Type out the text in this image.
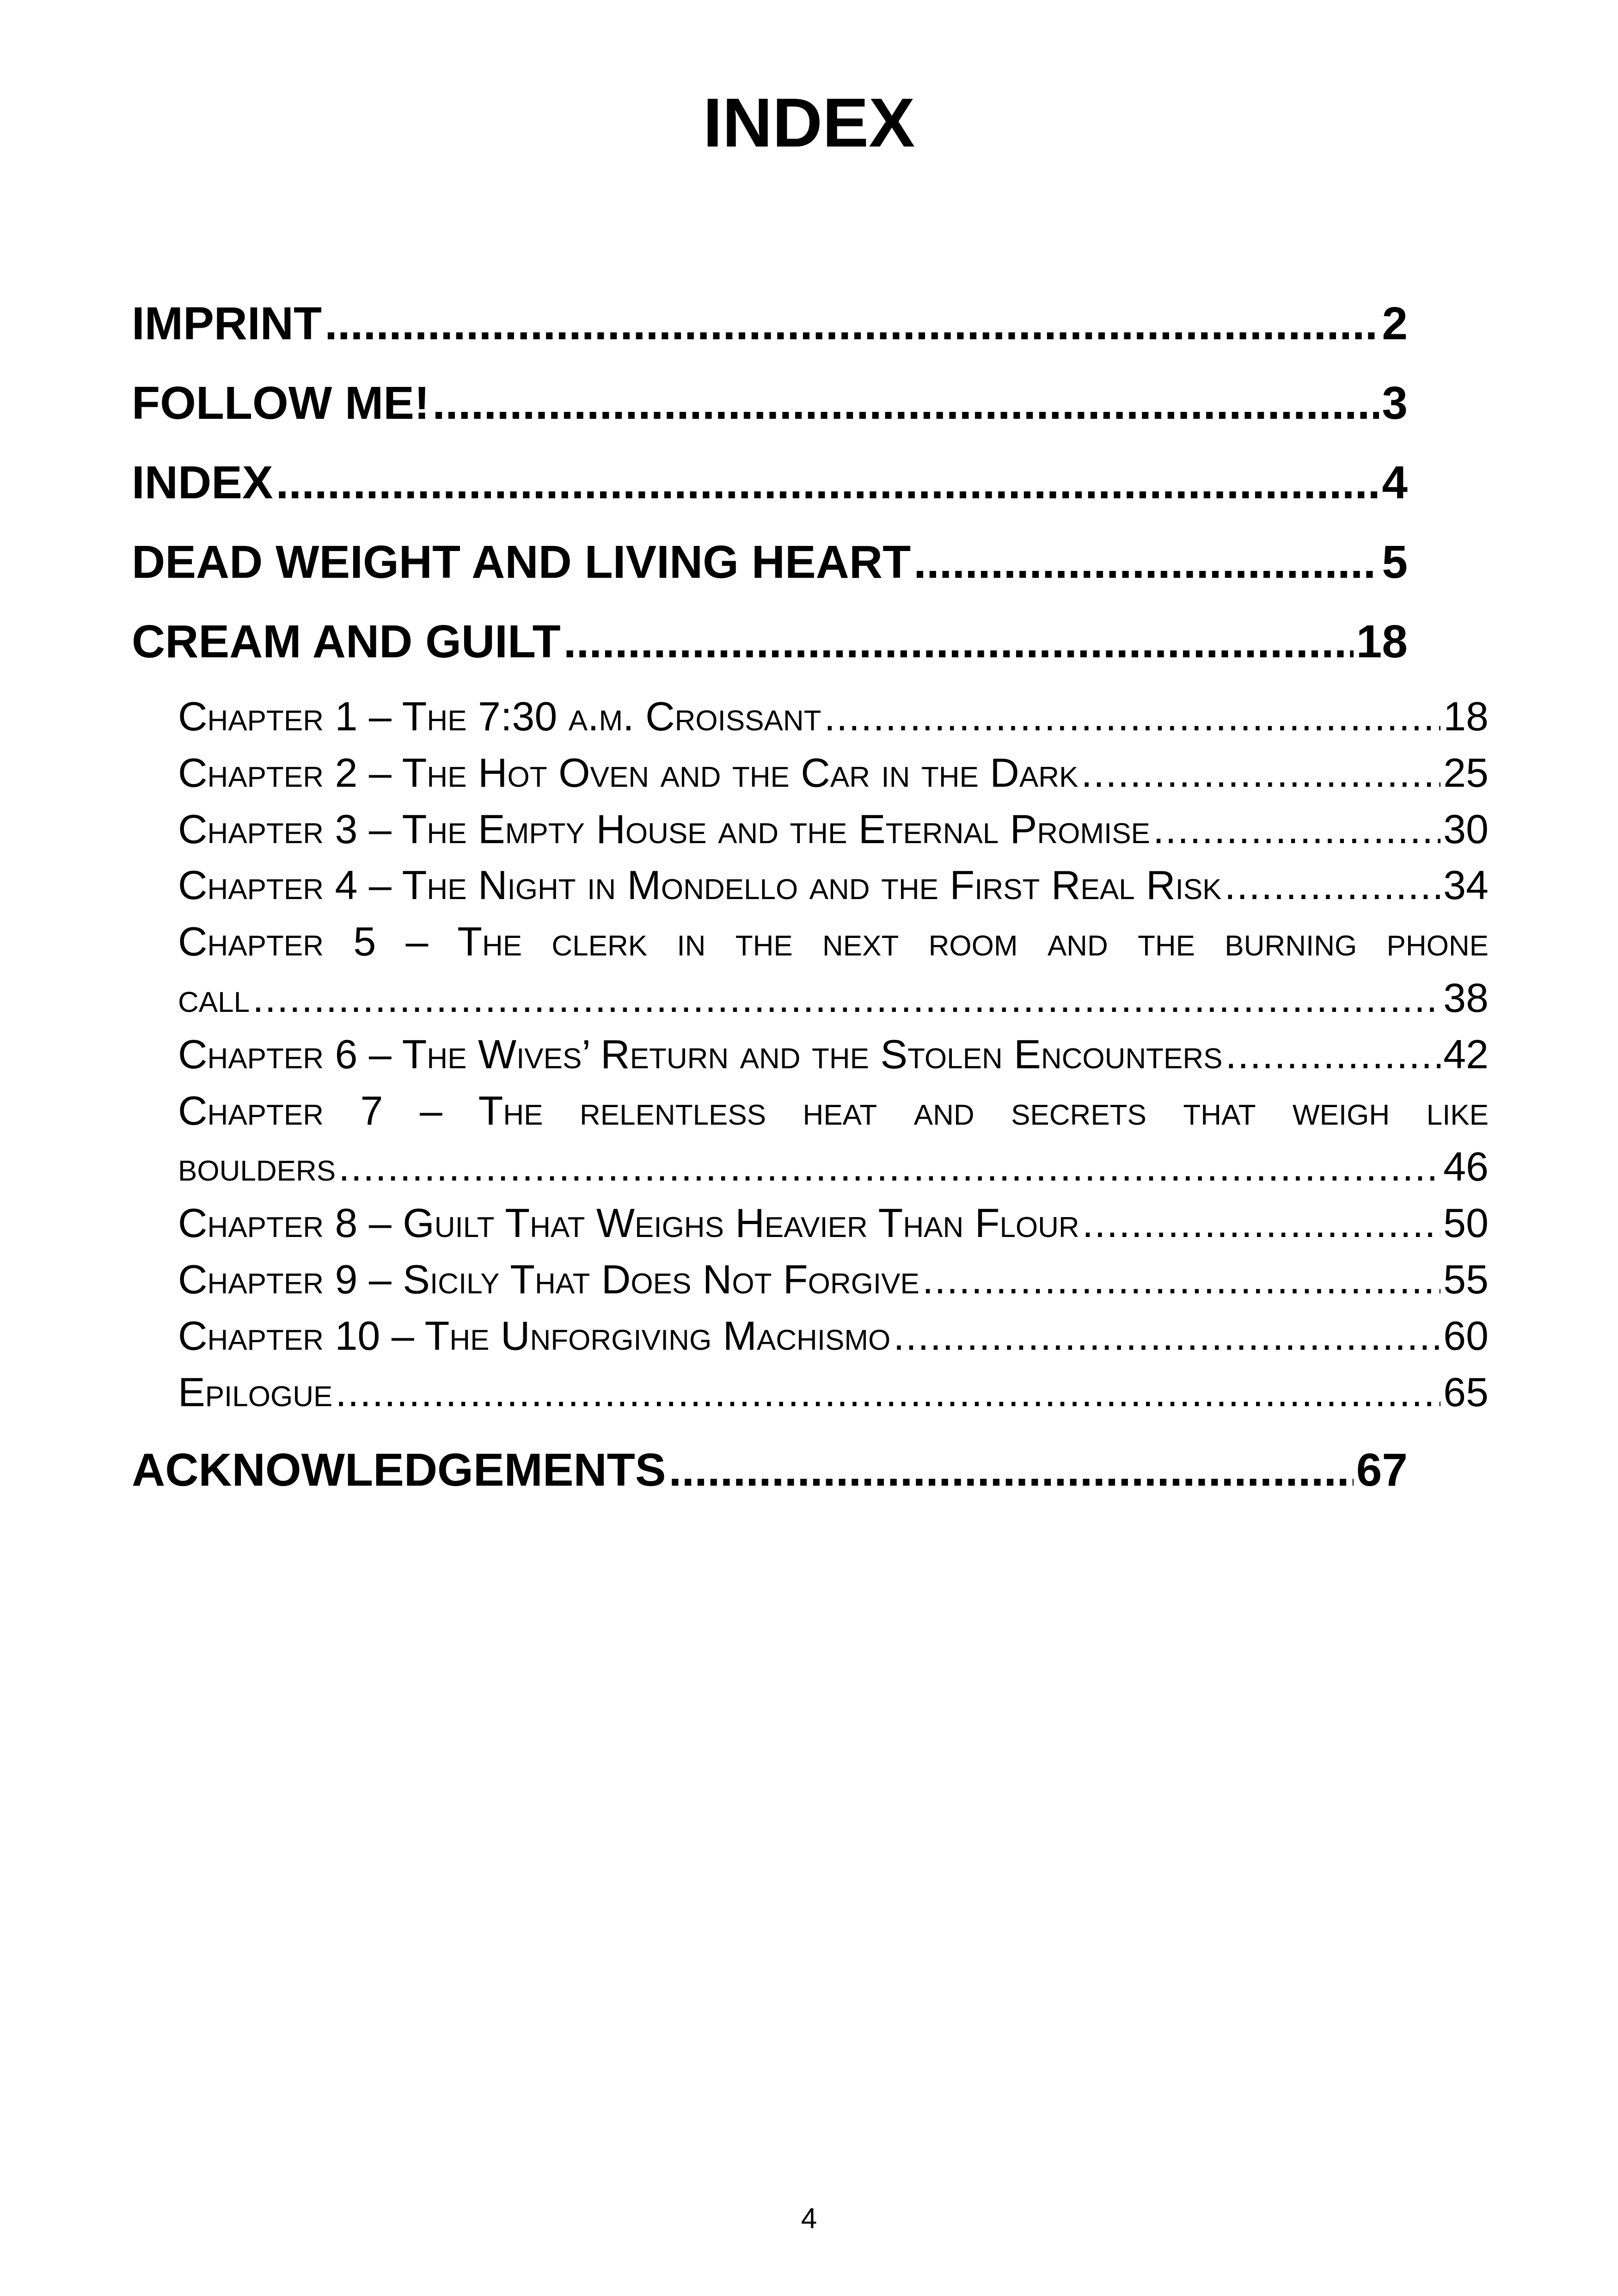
INDEX
IMPRINT .....	2
FOLLOW ME! .....	3
INDEX .....	4
DEAD WEIGHT AND LIVING HEART .....	5
CREAM AND GUILT .....	18
Chapter 1 – The 7:30 a.m. Croissant .....	18
Chapter 2 – The Hot Oven and the Car in the Dark .....	25
Chapter 3 – The Empty House and the Eternal Promise .....	30
Chapter 4 – The Night in Mondello and the First Real Risk .....	34
Chapter 5 – The clerk in the next room and the burning phone
call .....	38
Chapter 6 – The Wives’ Return and the Stolen Encounters .....	42
Chapter 7 – The relentless heat and secrets that weigh like
boulders .....	46
Chapter 8 – Guilt That Weighs Heavier Than Flour .....	50
Chapter 9 – Sicily That Does Not Forgive .....	55
Chapter 10 – The Unforgiving Machismo .....	60
Epilogue .....	65
ACKNOWLEDGEMENTS .....	67
4
